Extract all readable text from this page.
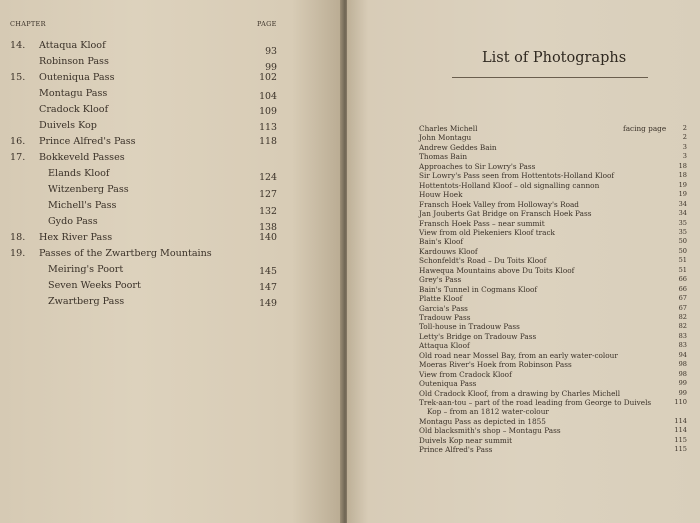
CHAPTER	PAGE
14. Attaqua Kloof
93
Robinson Pass
99
15. Outeniqua Pass	102
Montagu Pass	104
Cradock Kloof	109
Duivels Kop	113
16. Prince Alfred's Pass	118
17. Bokkeveld Passes
Elands Kloof	124
Witzenberg Pass	127
Michell's Pass
132
Gydo Pass
138
18. Hex River Pass	140
19. Passes of the Zwartberg Mountains
Meiring's Poort	145
Seven Weeks Poort	147
Zwartberg Pass	149
List of Photographs
Charles Michell	facing page	2
John Montagu	2
Andrew Geddes Bain	3
Thomas Bain	3
Approaches to Sir Lowry's Pass	18
Sir Lowry's Pass seen from Hottentots-Holland Kloof	18
Hottentots-Holland Kloof – old signalling cannon	19
Houw Hoek	19
Fransch Hoek Valley from Holloway's Road	34
Jan Jouberts Gat Bridge on Fransch Hoek Pass	34
Fransch Hoek Pass – near summit	35
View from old Piekeniers Kloof track	35
Bain's Kloof	50
Kardouws Kloof	50
Schonfeldt's Road – Du Toits Kloof	51
Hawequa Mountains above Du Toits Kloof	51
Grey's Pass	66
Bain's Tunnel in Cogmans Kloof	66
Platte Kloof	67
Garcia's Pass	67
Tradouw Pass	82
Toll-house in Tradouw Pass	82
Letty's Bridge on Tradouw Pass	83
Attaqua Kloof	83
Old road near Mossel Bay, from an early water-colour	94
Moeras River's Hoek from Robinson Pass	98
View from Cradock Kloof	98
Outeniqua Pass	99
Old Cradock Kloof, from a drawing by Charles Michell	99
Trek-aan-tou – part of the road leading from George to Duivels
Kop – from an 1812 water-colour
110
Montagu Pass as depicted in 1855	114
Old blacksmith's shop – Montagu Pass	114
Duivels Kop near summit	115
Prince Alfred's Pass	115
